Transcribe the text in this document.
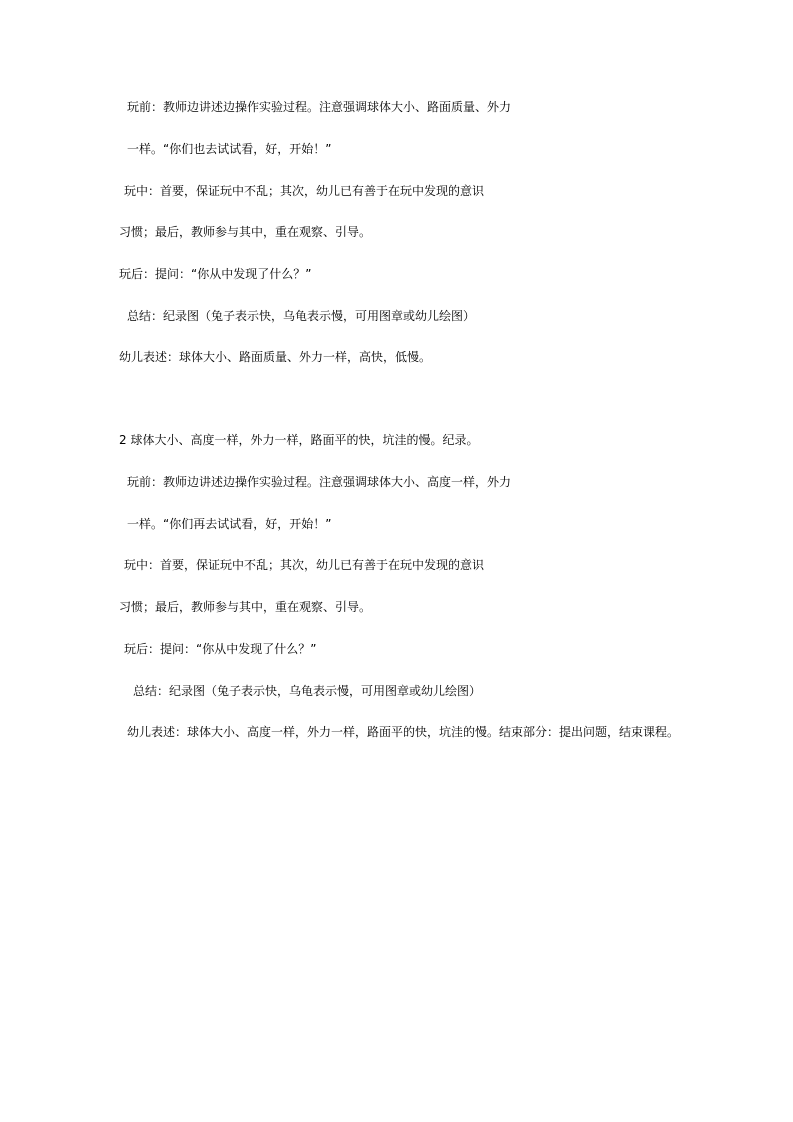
玩前：教师边讲述边操作实验过程。注意强调球体大小、路面质量、外力
一样。“你们也去试试看，好，开始！”
玩中：首要，保证玩中不乱；其次，幼儿已有善于在玩中发现的意识
习惯；最后，教师参与其中，重在观察、引导。
玩后：提问：“你从中发现了什么？”
总结：纪录图（兔子表示快，乌龟表示慢，可用图章或幼儿绘图）
幼儿表述：球体大小、路面质量、外力一样，高快，低慢。
2 球体大小、高度一样，外力一样，路面平的快，坑洼的慢。纪录。
玩前：教师边讲述边操作实验过程。注意强调球体大小、高度一样，外力
一样。“你们再去试试看，好，开始！”
玩中：首要，保证玩中不乱；其次，幼儿已有善于在玩中发现的意识
习惯；最后，教师参与其中，重在观察、引导。
玩后：提问：“你从中发现了什么？”
总结：纪录图（兔子表示快，乌龟表示慢，可用图章或幼儿绘图）
幼儿表述：球体大小、高度一样，外力一样，路面平的快，坑洼的慢。结束部分：提出问题，结束课程。
